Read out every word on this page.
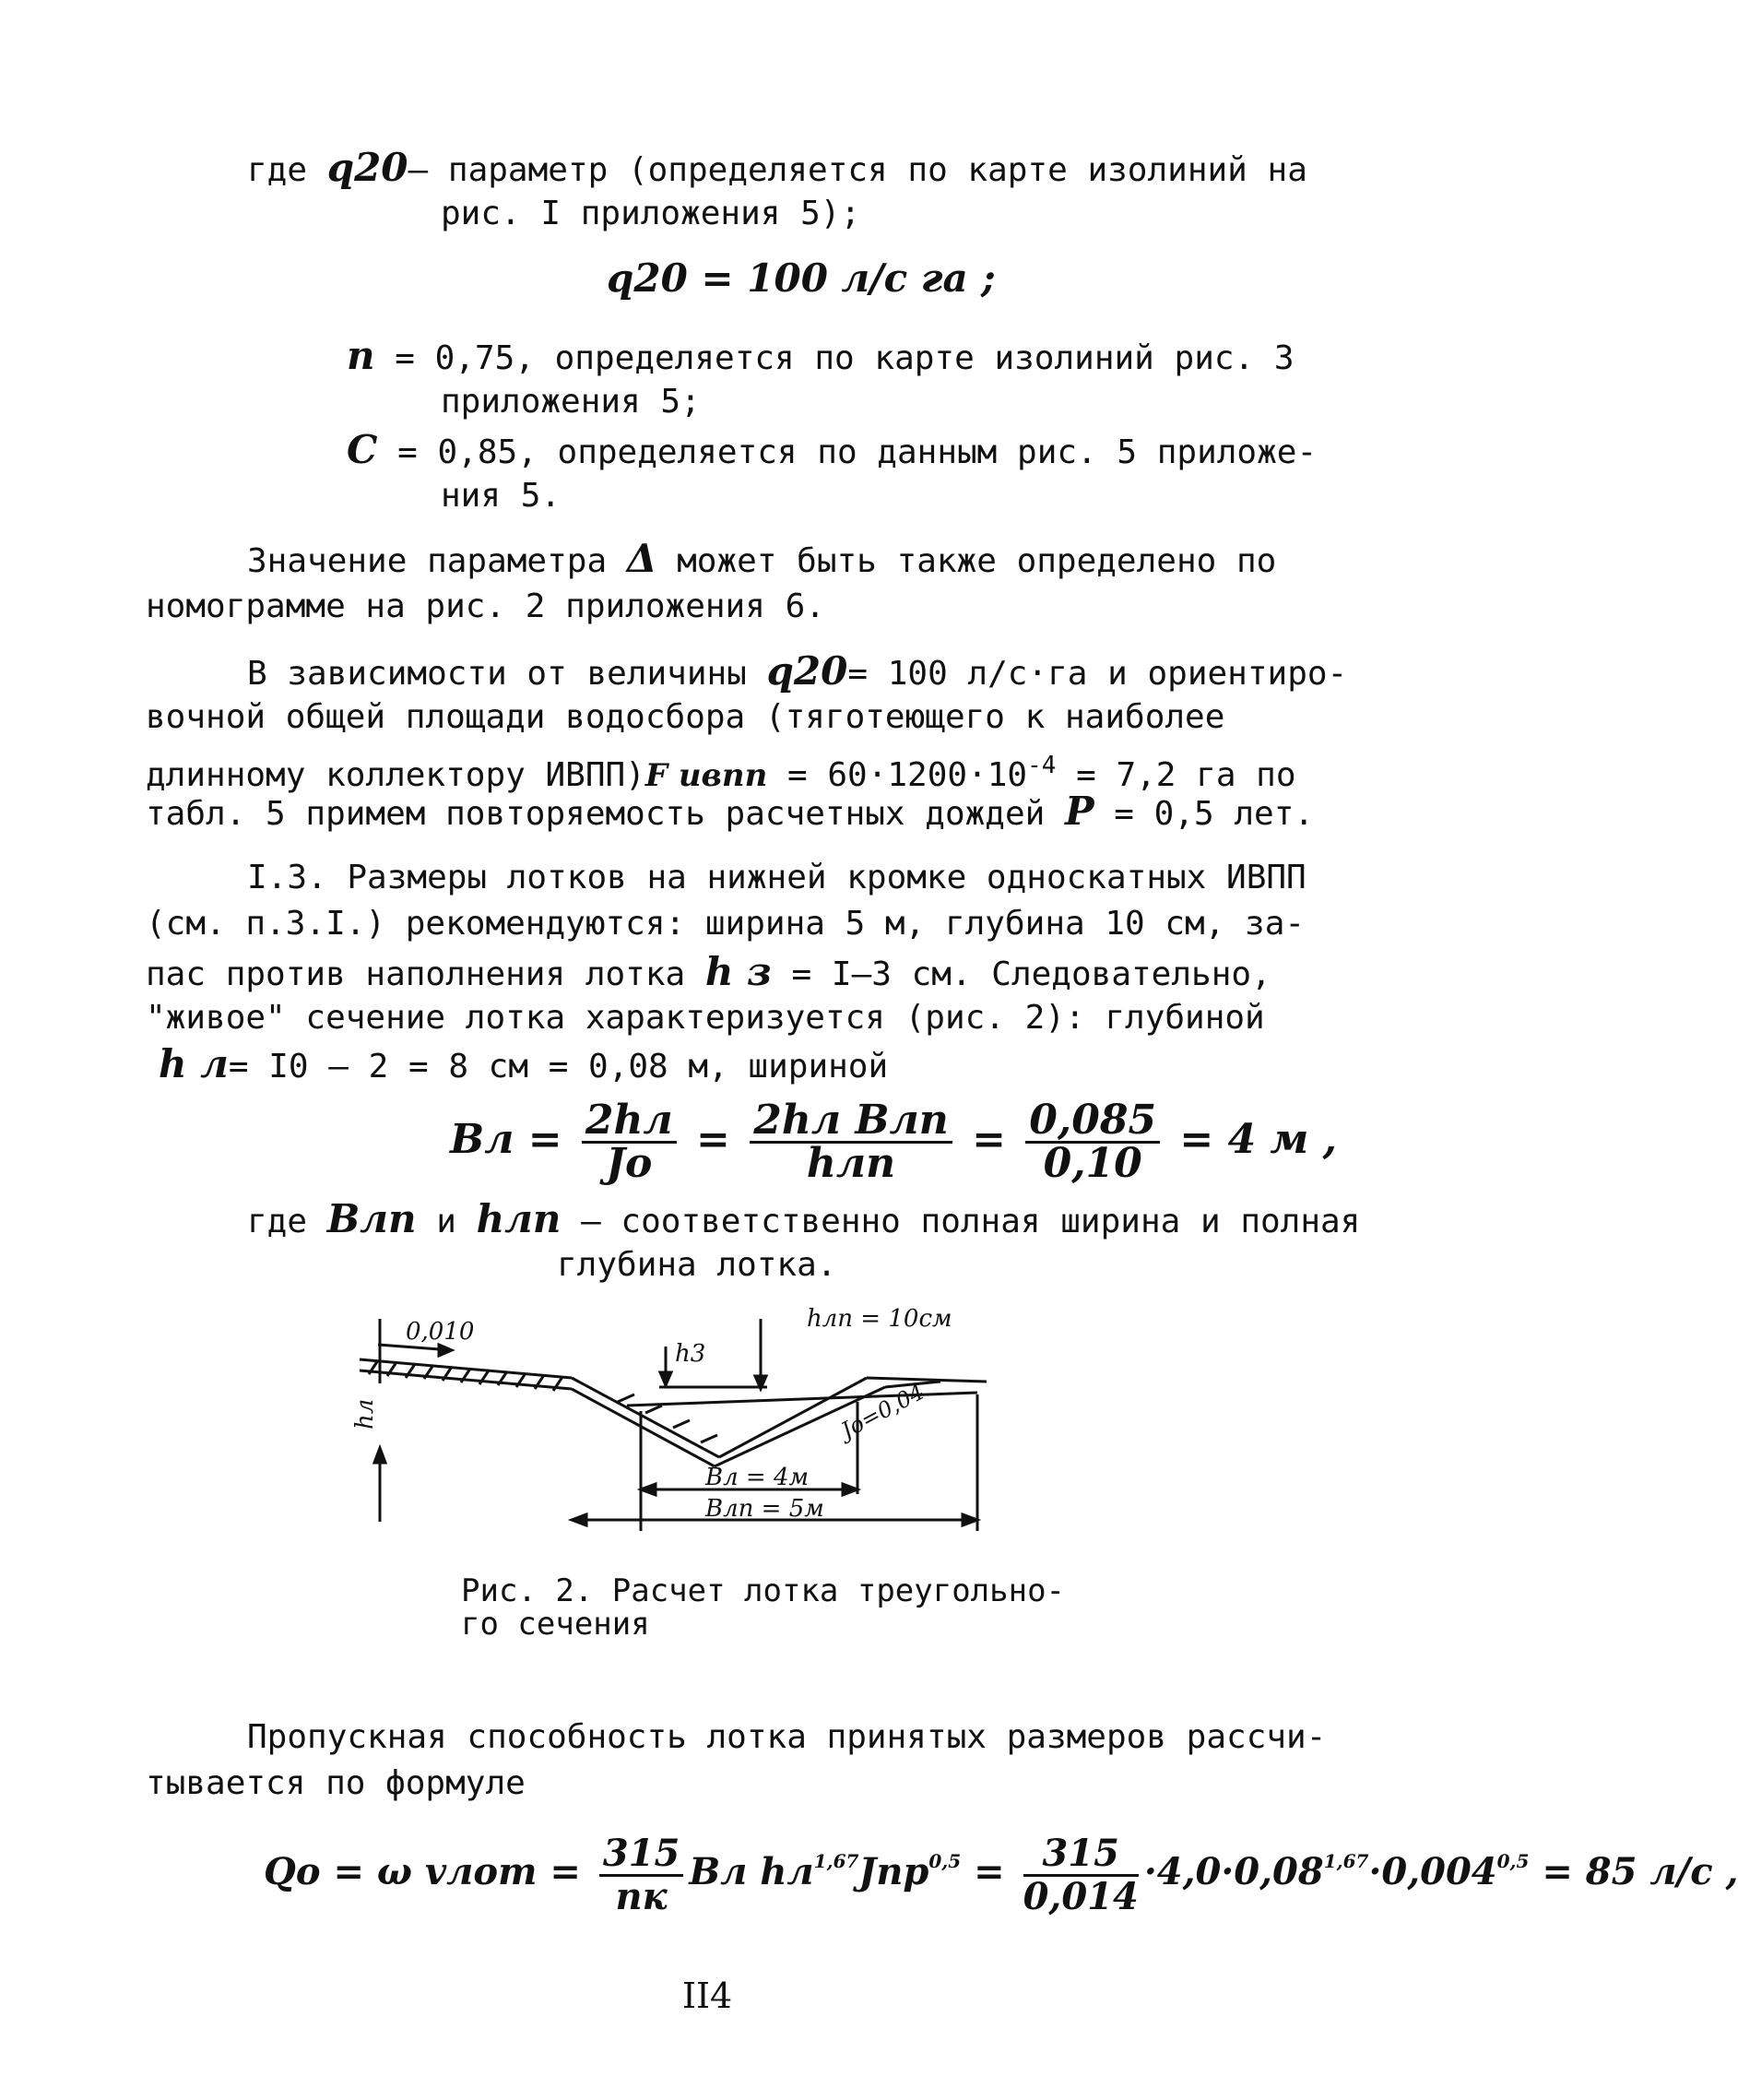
где q20– параметр (определяется по карте изолиний на
рис. I приложения 5);
q20 = 100 л/с га ;
n = 0,75, определяется по карте изолиний рис. 3
приложения 5;
C = 0,85, определяется по данным рис. 5 приложе-
ния 5.
Значение параметра Δ может быть также определено по
номограмме на рис. 2 приложения 6.
В зависимости от величины q20= 100 л/с·га и ориентиро-
вочной общей площади водосбора (тяготеющего к наиболее
длинному коллектору ИВПП)F ивпп = $60\cdot 1200\cdot 10^{-4} = 7,2$ га по
табл. 5 примем повторяемость расчетных дождей P = 0,5 лет.
I.3. Размеры лотков на нижней кромке односкатных ИВПП
(см. п.3.I.) рекомендуются: ширина 5 м, глубина 10 см, за-
пас против наполнения лотка h з = I–3 см. Следовательно,
"живое" сечение лотка характеризуется (рис. 2): глубиной
h л= I0 – 2 = 8 см = 0,08 м, шириной
Bл = $\frac{2hл}{Jо} = \frac{\text{2hл Bлп}}{\text{hлп}} = \frac{0,085}{0,10} = 4$ м ,
где Bлп и hлп – соответственно полная ширина и полная
глубина лотка.
0,010
hл
h3
hлп = 10см
Jо=0,04
Bл = 4м
Bлп = 5м
Рис. 2. Расчет лотка треугольно-
го сечения
Пропускная способность лотка принятых размеров рассчи-
тывается по формуле
Qо = ω vлот = $\frac{315}{nк}$ Bл $hл^{1,67}Jпр^{0,5} = \frac{315}{0,014} \cdot 4,0\cdot 0,08^{1,67}\cdot 0,004^{0,5} = 85$ л/с ,
II4
